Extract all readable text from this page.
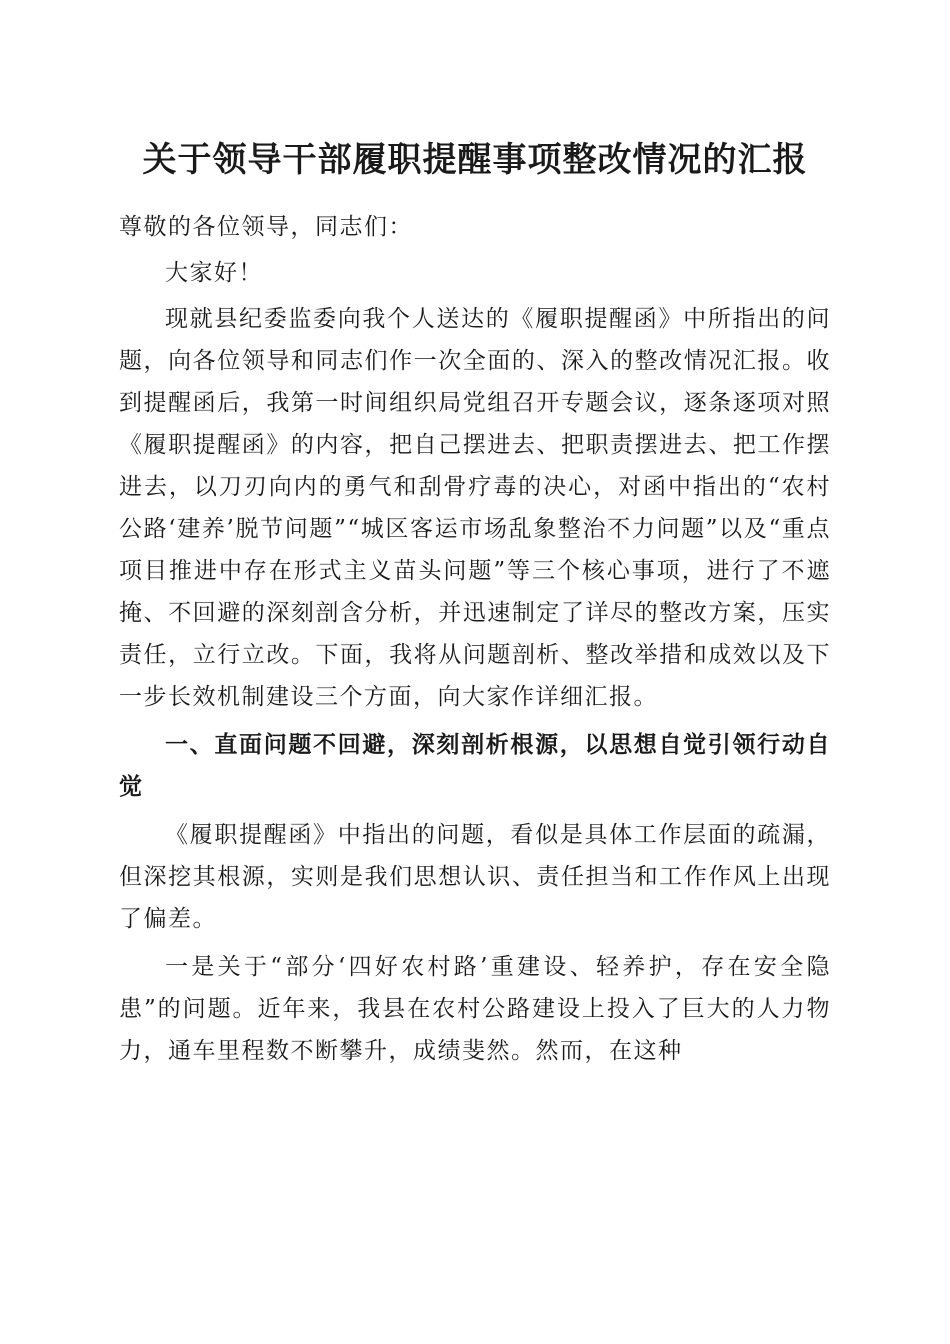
关于领导干部履职提醒事项整改情况的汇报

尊敬的各位领导，同志们：

大家好！

现就县纪委监委向我个人送达的《履职提醒函》中所指出的问题，向各位领导和同志们作一次全面的、深入的整改情况汇报。收到提醒函后，我第一时间组织局党组召开专题会议，逐条逐项对照《履职提醒函》的内容，把自己摆进去、把职责摆进去、把工作摆进去，以刀刃向内的勇气和刮骨疗毒的决心，对函中指出的“农村公路‘建养’脱节问题”“城区客运市场乱象整治不力问题”以及“重点项目推进中存在形式主义苗头问题”等三个核心事项，进行了不遮掩、不回避的深刻剖含分析，并迅速制定了详尽的整改方案，压实责任，立行立改。下面，我将从问题剖析、整改举措和成效以及下一步长效机制建设三个方面，向大家作详细汇报。

一、直面问题不回避，深刻剖析根源，以思想自觉引领行动自觉

《履职提醒函》中指出的问题，看似是具体工作层面的疏漏，但深挖其根源，实则是我们思想认识、责任担当和工作作风上出现了偏差。

一是关于“部分‘四好农村路’重建设、轻养护，存在安全隐患”的问题。近年来，我县在农村公路建设上投入了巨大的人力物力，通车里程数不断攀升，成绩斐然。然而，在这种
